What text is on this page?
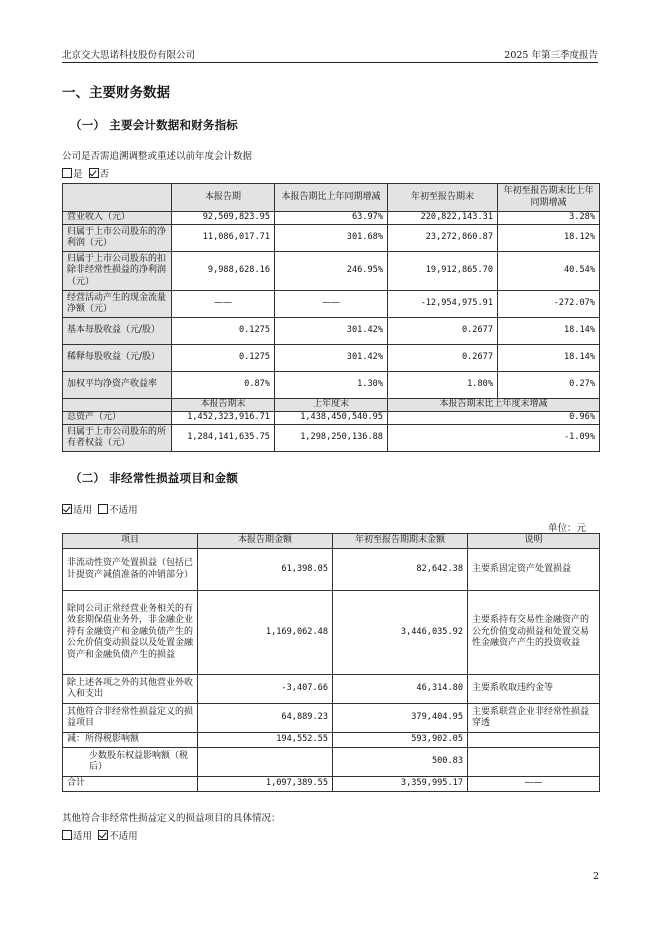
北京交大思诺科技股份有限公司	2025 年第三季度报告
一、主要财务数据
（一） 主要会计数据和财务指标
公司是否需追溯调整或重述以前年度会计数据
是 否
	本报告期	本报告期比上年同期增减	年初至报告期末	年初至报告期末比上年同期增减
营业收入（元）	92,509,823.95	63.97%	220,822,143.31	3.28%
归属于上市公司股东的净利润（元）	11,086,017.71	301.68%	23,272,860.87	18.12%
归属于上市公司股东的扣除非经常性损益的净利润（元）	9,988,628.16	246.95%	19,912,865.70	40.54%
经营活动产生的现金流量净额（元）	——	——	-12,954,975.91	-272.07%
基本每股收益（元/股）	0.1275	301.42%	0.2677	18.14%
稀释每股收益（元/股）	0.1275	301.42%	0.2677	18.14%
加权平均净资产收益率	0.87%	1.30%	1.80%	0.27%
	本报告期末	上年度末	本报告期末比上年度末增减	
总资产（元）	1,452,323,916.71	1,438,450,540.95	0.96%	
归属于上市公司股东的所有者权益（元）	1,284,141,635.75	1,298,250,136.88	-1.09%	
（二） 非经常性损益项目和金额
适用 不适用
单位：元
项目	本报告期金额	年初至报告期期末金额	说明
非流动性资产处置损益（包括已计提资产减值准备的冲销部分）	61,398.05	82,642.38	主要系固定资产处置损益
除同公司正常经营业务相关的有效套期保值业务外，非金融企业持有金融资产和金融负债产生的公允价值变动损益以及处置金融资产和金融负债产生的损益	1,169,062.48	3,446,035.92	主要系持有交易性金融资产的公允价值变动损益和处置交易性金融资产产生的投资收益
除上述各项之外的其他营业外收入和支出	-3,407.66	46,314.80	主要系收取违约金等
其他符合非经常性损益定义的损益项目	64,889.23	379,404.95	主要系联营企业非经常性损益穿透
减：所得税影响额	194,552.55	593,902.05	
少数股东权益影响额（税后）		500.83	
合计	1,097,389.55	3,359,995.17	——
其他符合非经常性损益定义的损益项目的具体情况：
适用 不适用
2
